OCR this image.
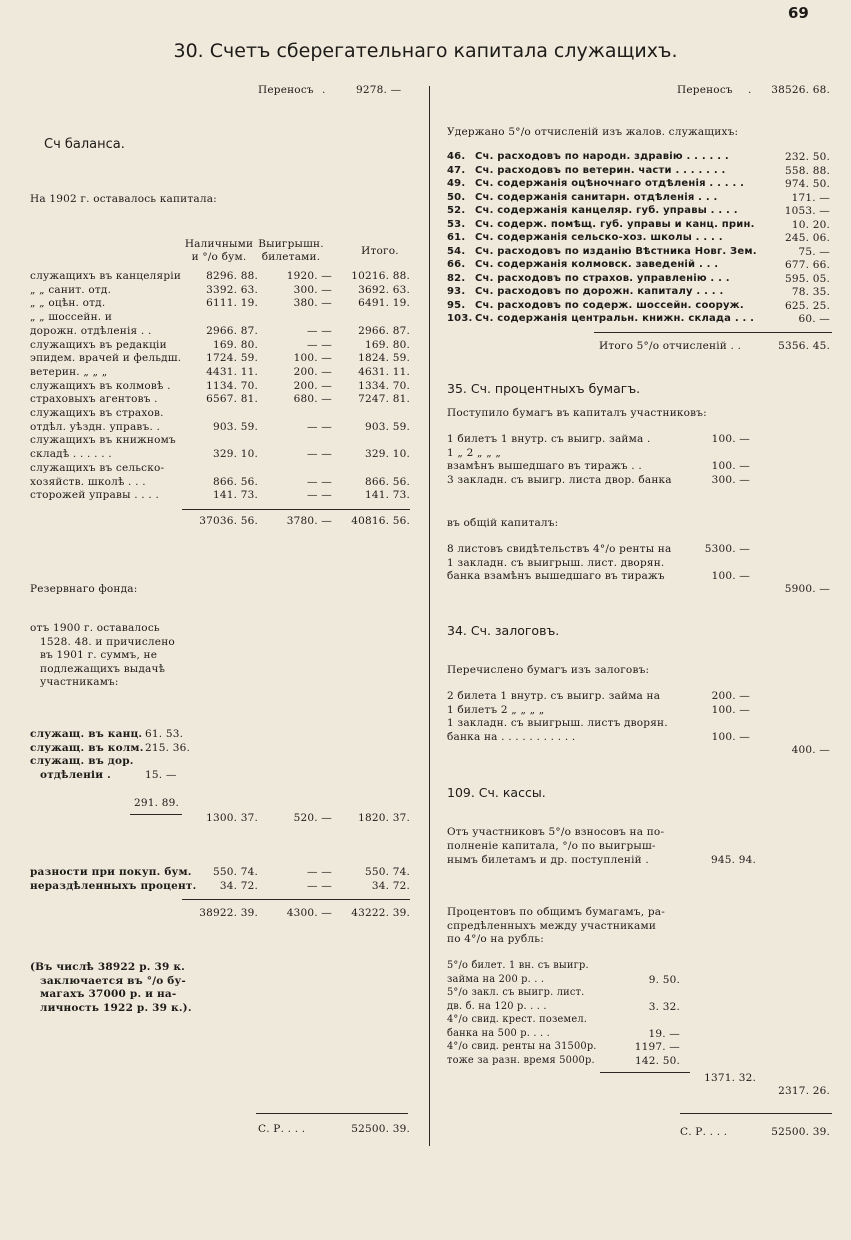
69
30. Счетъ сберегательнаго капитала служащихъ.
Переносъ .	9278. —
Сч баланса.
На 1902 г. оставалось капитала:
Наличными
и °/о бум.
Выигрышн.
билетами.	Итого.
служащихъ въ канцеляріи	8296. 88.	1920. —	10216. 88.
„ „ санит. отд.	3392. 63.	300. —	3692. 63.
„ „ оцѣн. отд.	6111. 19.	380. —	6491. 19.
„ „ шоссейн. и
дорожн. отдѣленія . .	2966. 87.	— —	2966. 87.
служащихъ въ редакціи	169. 80.	— —	169. 80.
эпидем. врачей и фельдш.	1724. 59.	100. —	1824. 59.
ветерин. „ „ „	4431. 11.	200. —	4631. 11.
служащихъ въ колмовѣ .	1134. 70.	200. —	1334. 70.
страховыхъ агентовъ .	6567. 81.	680. —	7247. 81.
служащихъ въ страхов.
отдѣл. уѣздн. управъ. .	903. 59.	— —	903. 59.
служащихъ въ книжномъ
складѣ . . . . . .	329. 10.	— —	329. 10.
служащихъ въ сельско-
хозяйств. школѣ . . .	866. 56.	— —	866. 56.
сторожей управы . . . .	141. 73.	— —	141. 73.
37036. 56.	3780. —	40816. 56.
Резервнаго фонда:
отъ 1900 г. оставалось
1528. 48. и причислено
въ 1901 г. суммъ, не
подлежащихъ выдачѣ
участникамъ:
служащ. въ канц. 61. 53.
служащ. въ колм. 215. 36.
служащ. въ дор.
отдѣленіи .	15. —
291. 89.
1300. 37.	520. —	1820. 37.
разности при покуп. бум.	550. 74.	— —	550. 74.
нераздѣленныхъ процент.	34. 72.	— —	34. 72.
38922. 39.	4300. —	43222. 39.
(Въ числѣ 38922 р. 39 к.
заключается въ °/о бу-
магахъ 37000 р. и на-
личность 1922 р. 39 к.).
С. Р. . . .	52500. 39.
Переносъ .	38526. 68.
Удержано 5°/о отчисленій изъ жалов. служащихъ:
46. Сч. расходовъ по народн. здравію . . . . . .	232. 50.
47. Сч. расходовъ по ветерин. части . . . . . . .	558. 88.
49. Сч. содержанія оцѣночнаго отдѣленія . . . . .	974. 50.
50. Сч. содержанія санитарн. отдѣленія . . .	171. —
52. Сч. содержанія канцеляр. губ. управы . . . .	1053. —
53. Сч. содерж. помѣщ. губ. управы и канц. прин.	10. 20.
61. Сч. содержанія сельско-хоз. школы . . . .	245. 06.
54. Сч. расходовъ по изданію Вѣстника Новг. Зем.	75. —
66. Сч. содержанія колмовск. заведеній . . .	677. 66.
82. Сч. расходовъ по страхов. управленію . . .	595. 05.
93. Сч. расходовъ по дорожн. капиталу . . . .	78. 35.
95. Сч. расходовъ по содерж. шоссейн. сооруж.	625. 25.
103. Сч. содержанія центральн. книжн. склада . . .	60. —
Итого 5°/о отчисленій . .	5356. 45.
35. Сч. процентныхъ бумагъ.
Поступило бумагъ въ капиталъ участниковъ:
1 билетъ 1 внутр. съ выигр. займа .	100. —
1 „ 2 „ „ „
взамѣнъ вышедшаго въ тиражъ . .	100. —
3 закладн. съ выигр. листа двор. банка	300. —
въ общій капиталъ:
8 листовъ свидѣтельствъ 4°/о ренты на	5300. —
1 закладн. съ выигрыш. лист. дворян.
банка взамѣнъ вышедшаго въ тиражъ	100. —
5900. —
34. Сч. залоговъ.
Перечислено бумагъ изъ залоговъ:
2 билета 1 внутр. съ выигр. займа на	200. —
1 билетъ 2 „ „ „ „	100. —
1 закладн. съ выигрыш. листъ дворян.
банка на . . . . . . . . . . .	100. —
400. —
109. Сч. кассы.
Отъ участниковъ 5°/о взносовъ на по-
полненіе капитала, °/о по выигрыш-
нымъ билетамъ и др. поступленій .	945. 94.
Процентовъ по общимъ бумагамъ, ра-
спредѣленныхъ между участниками
по 4°/о на рубль:
5°/о билет. 1 вн. съ выигр.
займа на 200 р. . .	9. 50.
5°/о закл. съ выигр. лист.
дв. б. на 120 р. . . .	3. 32.
4°/о свид. крест. поземел.
банка на 500 р. . . .	19. —
4°/о свид. ренты на 31500р.	1197. —
тоже за разн. время 5000р.	142. 50.
1371. 32.
2317. 26.
С. Р. . . .	52500. 39.
